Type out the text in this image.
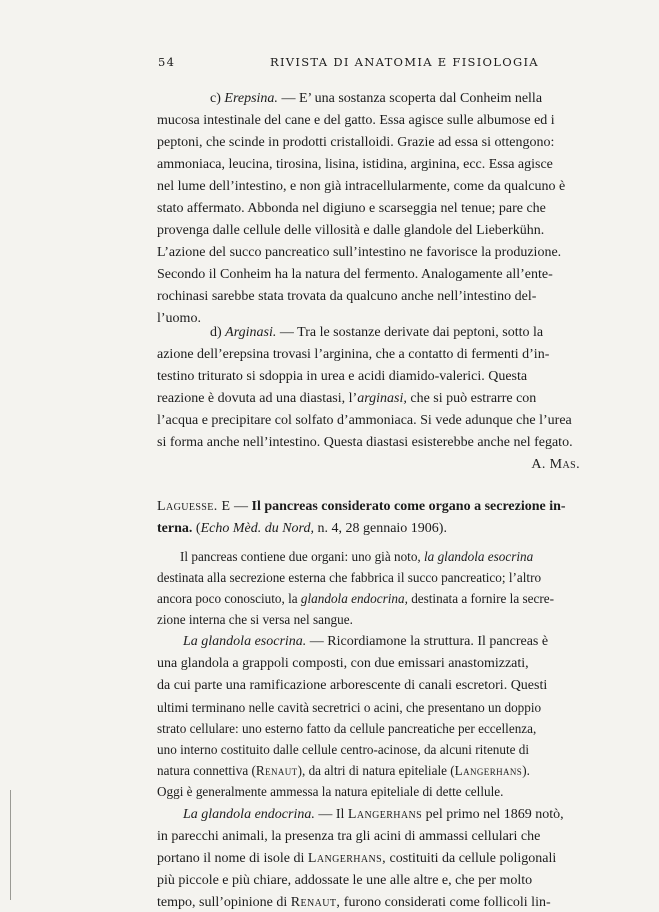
54	RIVISTA DI ANATOMIA E FISIOLOGIA
c) Erepsina. — E’ una sostanza scoperta dal Conheim nella
mucosa intestinale del cane e del gatto. Essa agisce sulle albumose ed i
peptoni, che scinde in prodotti cristalloidi. Grazie ad essa si ottengono:
ammoniaca, leucina, tirosina, lisina, istidina, arginina, ecc. Essa agisce
nel lume dell’intestino, e non già intracellularmente, come da qualcuno è
stato affermato. Abbonda nel digiuno e scarseggia nel tenue; pare che
provenga dalle cellule delle villosità e dalle glandole del Lieberkühn.
L’azione del succo pancreatico sull’intestino ne favorisce la produzione.
Secondo il Conheim ha la natura del fermento. Analogamente all’ente-
rochinasi sarebbe stata trovata da qualcuno anche nell’intestino del-
l’uomo.
d) Arginasi. — Tra le sostanze derivate dai peptoni, sotto la
azione dell’erepsina trovasi l’arginina, che a contatto di fermenti d’in-
testino triturato si sdoppia in urea e acidi diamido-valerici. Questa
reazione è dovuta ad una diastasi, l’arginasi, che si può estrarre con
l’acqua e precipitare col solfato d’ammoniaca. Si vede adunque che l’urea
si forma anche nell’intestino. Questa diastasi esisterebbe anche nel fegato.
A. Mas.
Laguesse. E — Il pancreas considerato come organo a secrezione in-
terna. (Echo Mèd. du Nord, n. 4, 28 gennaio 1906).
Il pancreas contiene due organi: uno già noto, la glandola esocrina
destinata alla secrezione esterna che fabbrica il succo pancreatico; l’altro
ancora poco conosciuto, la glandola endocrina, destinata a fornire la secre-
zione interna che si versa nel sangue.
La glandola esocrina. — Ricordiamone la struttura. Il pancreas è
una glandola a grappoli composti, con due emissari anastomizzati,
da cui parte una ramificazione arborescente di canali escretori. Questi
ultimi terminano nelle cavità secretrici o acini, che presentano un doppio
strato cellulare: uno esterno fatto da cellule pancreatiche per eccellenza,
uno interno costituito dalle cellule centro-acinose, da alcuni ritenute di
natura connettiva (Renaut), da altri di natura epiteliale (Langerhans).
Oggi è generalmente ammessa la natura epiteliale di dette cellule.
La glandola endocrina. — Il Langerhans pel primo nel 1869 notò,
in parecchi animali, la presenza tra gli acini di ammassi cellulari che
portano il nome di isole di Langerhans, costituiti da cellule poligonali
più piccole e più chiare, addossate le une alle altre e, che per molto
tempo, sull’opinione di Renaut, furono considerati come follicoli lin-
